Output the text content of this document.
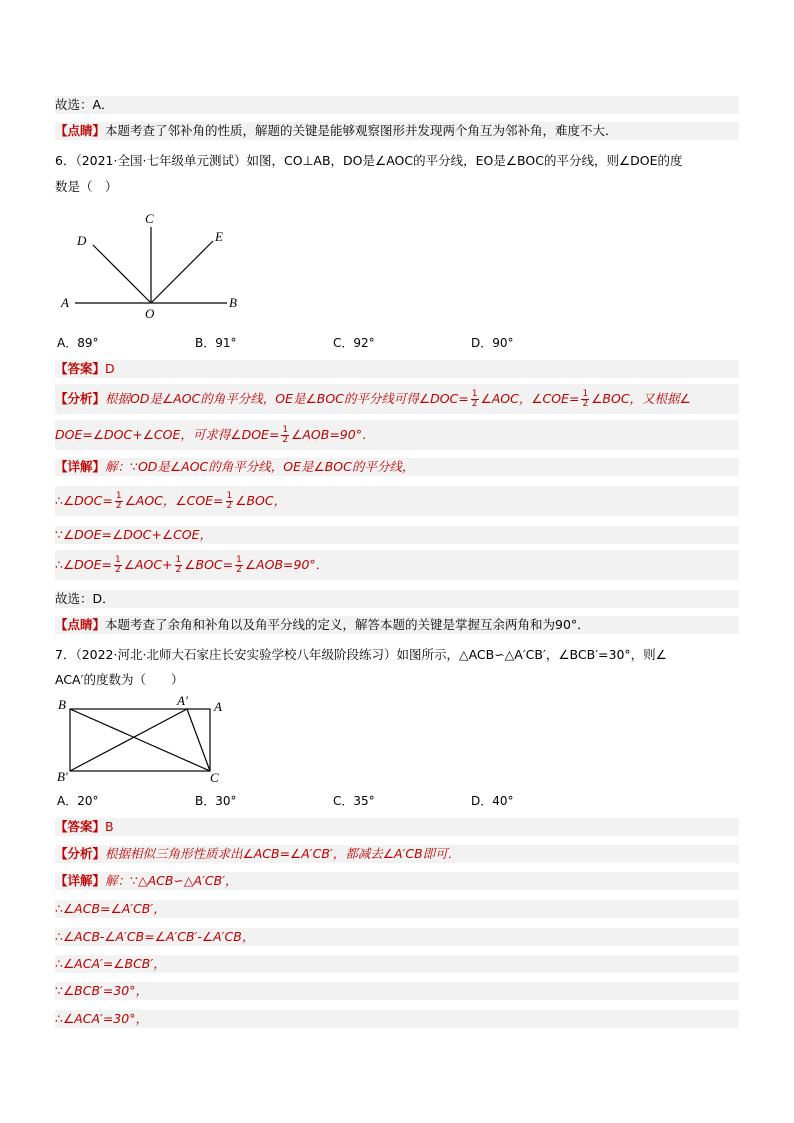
故选：A．
【点睛】本题考查了邻补角的性质，解题的关键是能够观察图形并发现两个角互为邻补角，难度不大．
6．（2021·全国·七年级单元测试）如图，CO⊥AB，DO是∠AOC的平分线，EO是∠BOC的平分线，则∠DOE的度
数是（　）
A	B
C
D	E
O
A．89°	B．91°	C．92°	D．90°
【答案】D
【分析】根据OD是∠AOC的角平分线，OE是∠BOC的平分线可得∠DOC= $\frac{1}{2}$ ∠AOC，∠COE= $\frac{1}{2}$ ∠BOC，又根据∠
DOE=∠DOC+∠COE，可求得∠DOE= $\frac{1}{2}$ ∠AOB=90°．
【详解】解：∵OD是∠AOC的角平分线，OE是∠BOC的平分线，
∴∠DOC= $\frac{1}{2}$ ∠AOC，∠COE= $\frac{1}{2}$ ∠BOC，
∵∠DOE=∠DOC+∠COE，
∴∠DOE= $\frac{1}{2}$ ∠AOC+ $\frac{1}{2}$ ∠BOC= $\frac{1}{2}$ ∠AOB=90°．
故选：D．
【点睛】本题考查了余角和补角以及角平分线的定义，解答本题的关键是掌握互余两角和为90°．
7．（2022·河北·北师大石家庄长安实验学校八年级阶段练习）如图所示，△ACB∽△A′CB′，∠BCB′=30°，则∠
ACA′的度数为（　　）
B	A′ A
B′	C
A．20°	B．30°	C．35°	D．40°
【答案】B
【分析】根据相似三角形性质求出∠ACB=∠A′CB′，都减去∠A′CB即可．
【详解】解：∵△ACB∽△A′CB′，
∴∠ACB=∠A′CB′，
∴∠ACB-∠A′CB=∠A′CB′-∠A′CB，
∴∠ACA′=∠BCB′，
∵∠BCB′=30°，
∴∠ACA′=30°，
